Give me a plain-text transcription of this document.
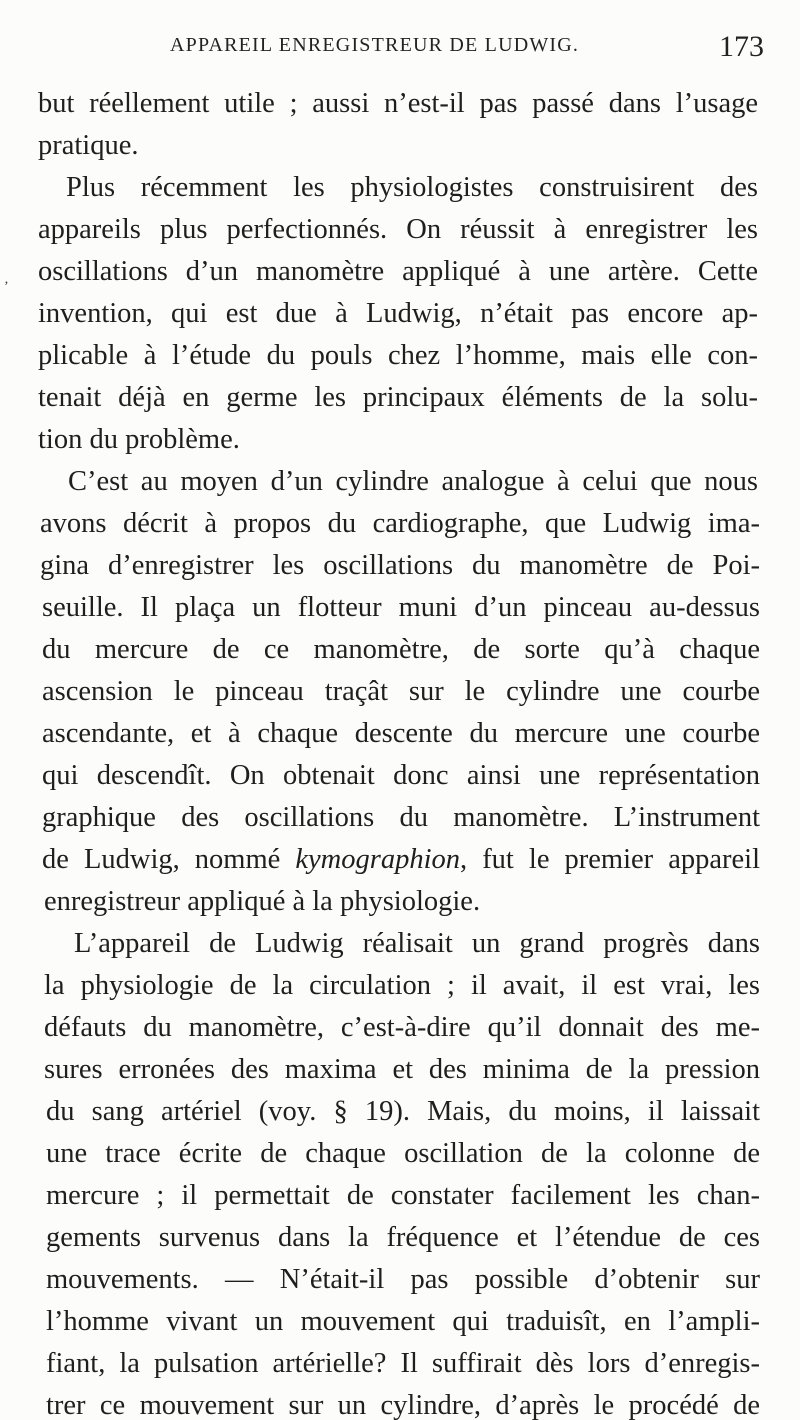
APPAREIL ENREGISTREUR DE LUDWIG.	173
‚
but réellement utile ; aussi n’est-il pas passé dans l’usage
pratique.
Plus récemment les physiologistes construisirent des
appareils plus perfectionnés. On réussit à enregistrer les
oscillations d’un manomètre appliqué à une artère. Cette
invention, qui est due à Ludwig, n’était pas encore ap-
plicable à l’étude du pouls chez l’homme, mais elle con-
tenait déjà en germe les principaux éléments de la solu-
tion du problème.
C’est au moyen d’un cylindre analogue à celui que nous
avons décrit à propos du cardiographe, que Ludwig ima-
gina d’enregistrer les oscillations du manomètre de Poi-
seuille. Il plaça un flotteur muni d’un pinceau au-dessus
du mercure de ce manomètre, de sorte qu’à chaque
ascension le pinceau traçât sur le cylindre une courbe
ascendante, et à chaque descente du mercure une courbe
qui descendît. On obtenait donc ainsi une représentation
graphique des oscillations du manomètre. L’instrument
de Ludwig, nommé kymographion, fut le premier appareil
enregistreur appliqué à la physiologie.
L’appareil de Ludwig réalisait un grand progrès dans
la physiologie de la circulation ; il avait, il est vrai, les
défauts du manomètre, c’est-à-dire qu’il donnait des me-
sures erronées des maxima et des minima de la pression
du sang artériel (voy. § 19). Mais, du moins, il laissait
une trace écrite de chaque oscillation de la colonne de
mercure ; il permettait de constater facilement les chan-
gements survenus dans la fréquence et l’étendue de ces
mouvements. — N’était-il pas possible d’obtenir sur
l’homme vivant un mouvement qui traduisît, en l’ampli-
fiant, la pulsation artérielle? Il suffirait dès lors d’enregis-
trer ce mouvement sur un cylindre, d’après le procédé de
